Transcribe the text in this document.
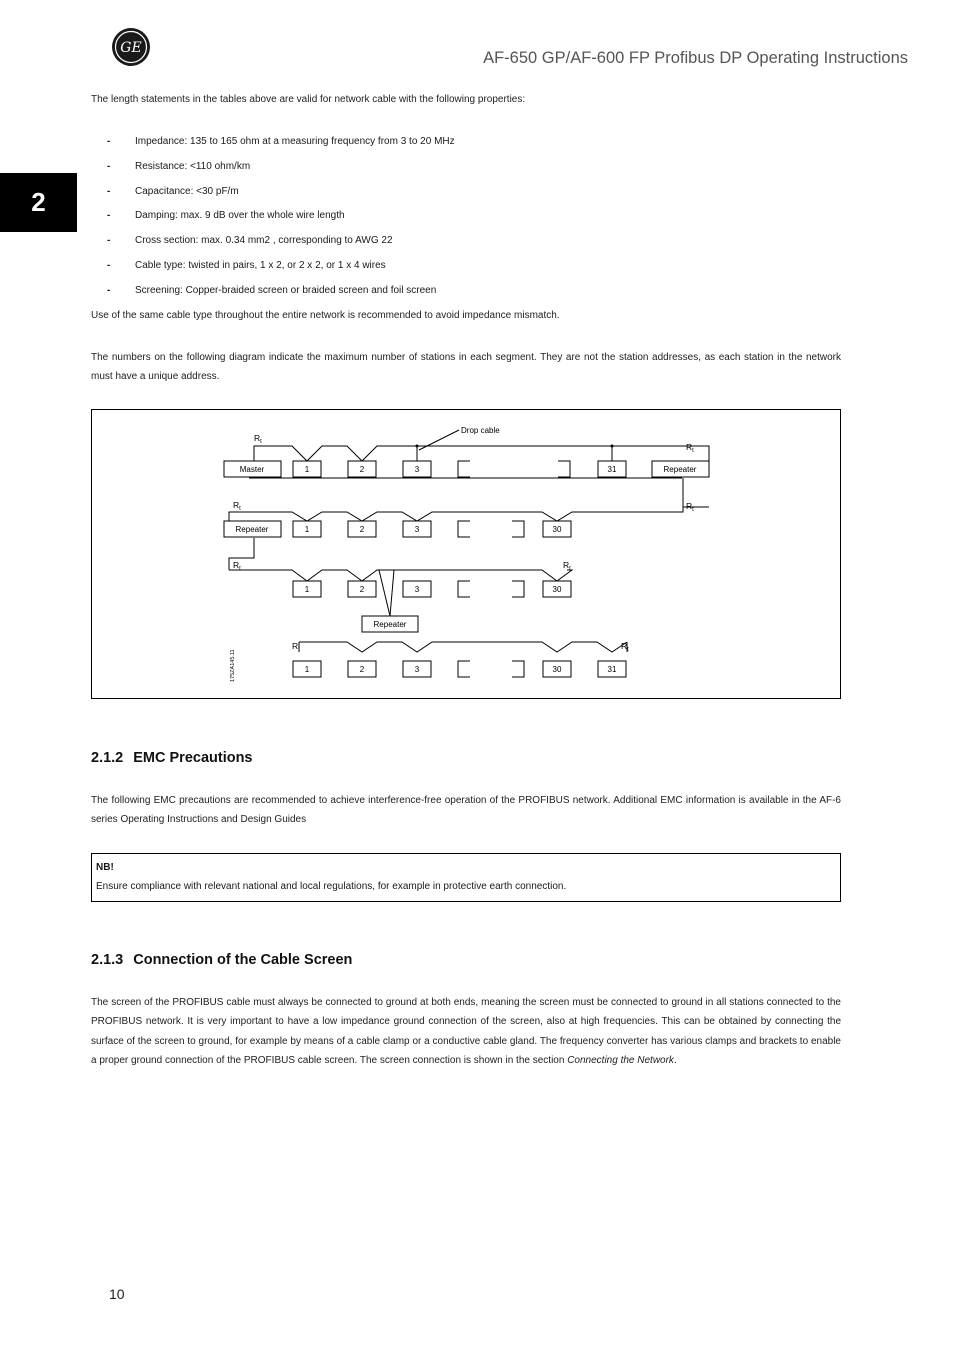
GE
AF-650 GP/AF-600 FP Profibus DP Operating Instructions
2

The length statements in the tables above are valid for network cable with the following properties:

- Impedance: 135 to 165 ohm at a measuring frequency from 3 to 20 MHz
- Resistance: <110 ohm/km
- Capacitance: <30 pF/m
- Damping: max. 9 dB over the whole wire length
- Cross section: max. 0.34 mm2 , corresponding to AWG 22
- Cable type: twisted in pairs, 1 x 2, or 2 x 2, or 1 x 4 wires
- Screening: Copper-braided screen or braided screen and foil screen

Use of the same cable type throughout the entire network is recommended to avoid impedance mismatch.

The numbers on the following diagram indicate the maximum number of stations in each segment. They are not the station addresses, as each station in the network must have a unique address.

Master	1	2	3	31	Repeater
Repeater	1	2	3	30
1	2	3	30
Repeater
1	2	3	30	31
Drop cable
$R_t$	$R_t$
$R_t$	$R_t$
$R_t$	$R_t$
$R_t$	$R_t$
175ZA145.11
2.1.2 EMC Precautions

The following EMC precautions are recommended to achieve interference-free operation of the PROFIBUS network. Additional EMC information is available in the AF-6 series Operating Instructions and Design Guides

NB!
Ensure compliance with relevant national and local regulations, for example in protective earth connection.
2.1.3 Connection of the Cable Screen

The screen of the PROFIBUS cable must always be connected to ground at both ends, meaning the screen must be connected to ground in all stations connected to the PROFIBUS network. It is very important to have a low impedance ground connection of the screen, also at high frequencies. This can be obtained by connecting the surface of the screen to ground, for example by means of a cable clamp or a conductive cable gland. The frequency converter has various clamps and brackets to enable a proper ground connection of the PROFIBUS cable screen. The screen connection is shown in the section Connecting the Network.

10
